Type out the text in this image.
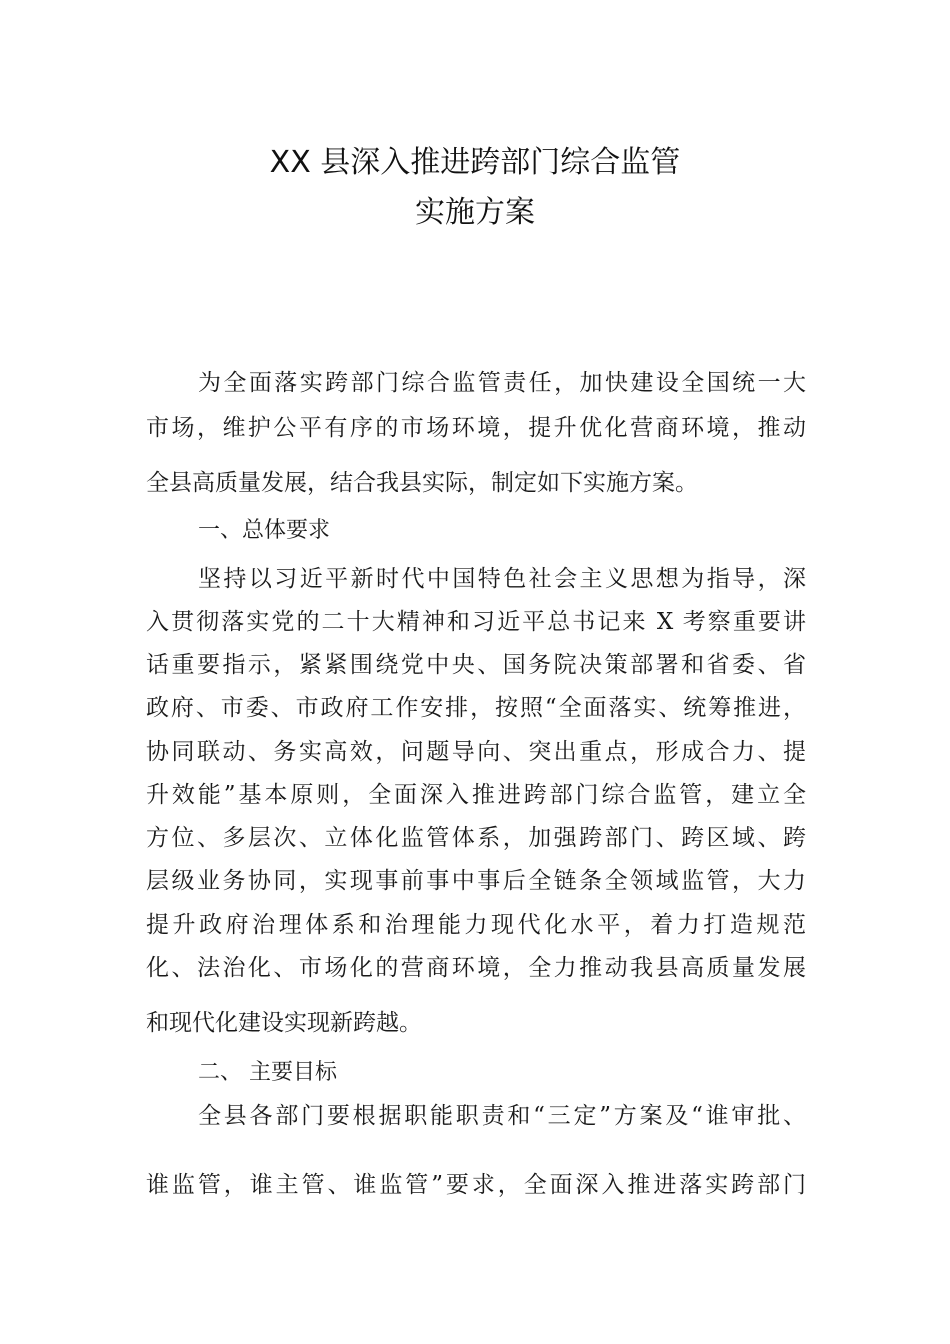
XX 县深入推进跨部门综合监管
实施方案
为全面落实跨部门综合监管责任，加快建设全国统一大
市场，维护公平有序的市场环境，提升优化营商环境，推动
全县高质量发展，结合我县实际，制定如下实施方案。
一、总体要求
坚持以习近平新时代中国特色社会主义思想为指导，深
入贯彻落实党的二十大精神和习近平总书记来 X 考察重要讲
话重要指示，紧紧围绕党中央、国务院决策部署和省委、省
政府、市委、市政府工作安排，按照“全面落实、统筹推进，
协同联动、务实高效，问题导向、突出重点，形成合力、提
升效能”基本原则，全面深入推进跨部门综合监管，建立全
方位、多层次、立体化监管体系，加强跨部门、跨区域、跨
层级业务协同，实现事前事中事后全链条全领域监管，大力
提升政府治理体系和治理能力现代化水平，着力打造规范
化、法治化、市场化的营商环境，全力推动我县高质量发展
和现代化建设实现新跨越。
二、 主要目标
全县各部门要根据职能职责和“三定”方案及“谁审批、
谁监管，谁主管、谁监管”要求，全面深入推进落实跨部门
